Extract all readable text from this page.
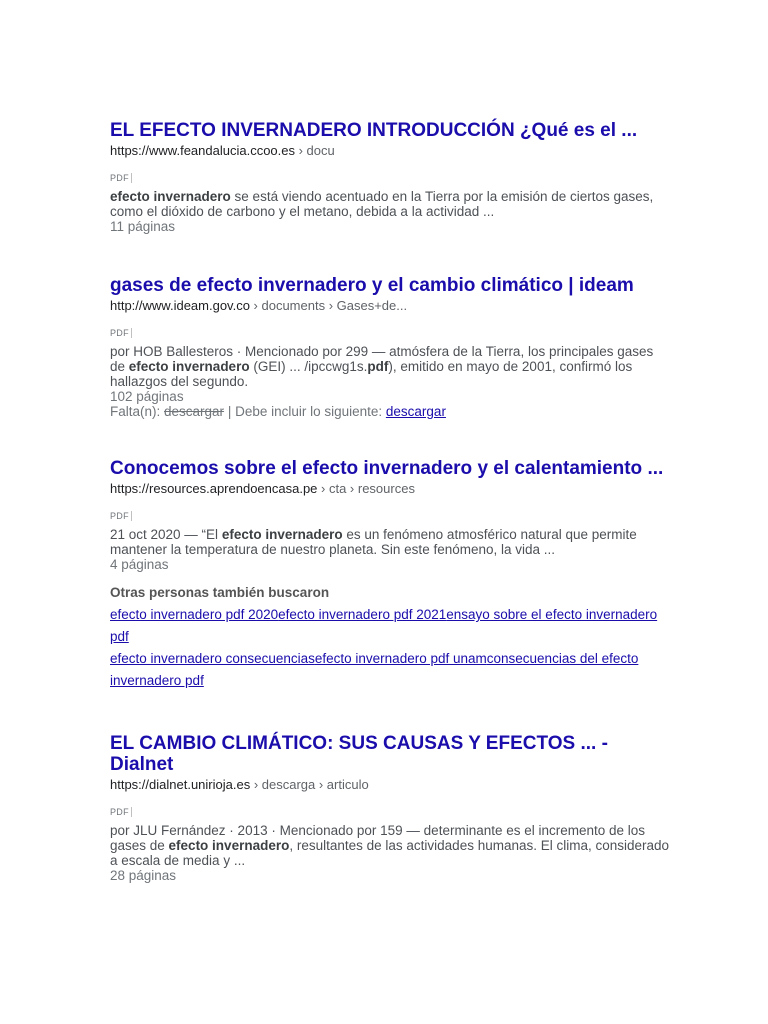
EL EFECTO INVERNADERO INTRODUCCIÓN ¿Qué es el ...
https://www.feandalucia.ccoo.es › docu
PDF
efecto invernadero se está viendo acentuado en la Tierra por la emisión de ciertos gases, como el dióxido de carbono y el metano, debida a la actividad ...
11 páginas
gases de efecto invernadero y el cambio climático | ideam
http://www.ideam.gov.co › documents › Gases+de...
PDF
por HOB Ballesteros · Mencionado por 299 — atmósfera de la Tierra, los principales gases de efecto invernadero (GEI) ... /ipccwg1s.pdf), emitido en mayo de 2001, confirmó los hallazgos del segundo.
102 páginas
Falta(n): descargar | Debe incluir lo siguiente: descargar
Conocemos sobre el efecto invernadero y el calentamiento ...
https://resources.aprendoencasa.pe › cta › resources
PDF
21 oct 2020 — “El efecto invernadero es un fenómeno atmosférico natural que permite mantener la temperatura de nuestro planeta. Sin este fenómeno, la vida ...
4 páginas
Otras personas también buscaron
efecto invernadero pdf 2020efecto invernadero pdf 2021ensayo sobre el efecto invernadero pdf
efecto invernadero consecuenciasefecto invernadero pdf unamconsecuencias del efecto invernadero pdf
EL CAMBIO CLIMÁTICO: SUS CAUSAS Y EFECTOS ... - Dialnet
https://dialnet.unirioja.es › descarga › articulo
PDF
por JLU Fernández · 2013 · Mencionado por 159 — determinante es el incremento de los gases de efecto invernadero, resultantes de las actividades humanas. El clima, considerado a escala de media y ...
28 páginas
